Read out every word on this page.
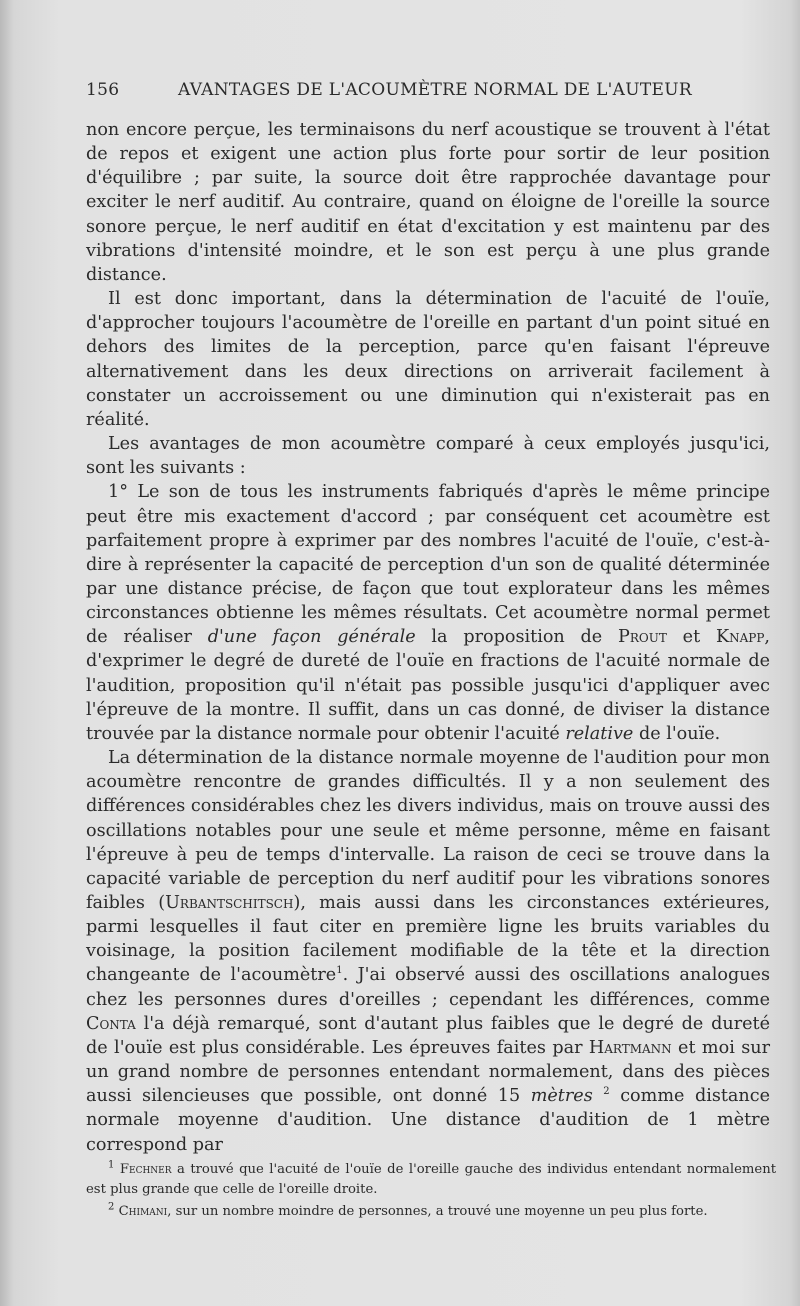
156	AVANTAGES DE L'ACOUMÈTRE NORMAL DE L'AUTEUR

non encore perçue, les terminaisons du nerf acoustique se trouvent à l'état de repos et exigent une action plus forte pour sortir de leur position d'équilibre ; par suite, la source doit être rapprochée davantage pour exciter le nerf auditif. Au contraire, quand on éloigne de l'oreille la source sonore perçue, le nerf auditif en état d'excitation y est maintenu par des vibrations d'intensité moindre, et le son est perçu à une plus grande distance.

Il est donc important, dans la détermination de l'acuité de l'ouïe, d'approcher toujours l'acoumètre de l'oreille en partant d'un point situé en dehors des limites de la perception, parce qu'en faisant l'épreuve alternativement dans les deux directions on arriverait facilement à constater un accroissement ou une diminution qui n'existerait pas en réalité.

Les avantages de mon acoumètre comparé à ceux employés jusqu'ici, sont les suivants :

1° Le son de tous les instruments fabriqués d'après le même principe peut être mis exactement d'accord ; par conséquent cet acoumètre est parfaitement propre à exprimer par des nombres l'acuité de l'ouïe, c'est-à-dire à représenter la capacité de perception d'un son de qualité déterminée par une distance précise, de façon que tout explorateur dans les mêmes circonstances obtienne les mêmes résultats. Cet acoumètre normal permet de réaliser d'une façon générale la proposition de Prout et Knapp, d'exprimer le degré de dureté de l'ouïe en fractions de l'acuité normale de l'audition, proposition qu'il n'était pas possible jusqu'ici d'appliquer avec l'épreuve de la montre. Il suffit, dans un cas donné, de diviser la distance trouvée par la distance normale pour obtenir l'acuité relative de l'ouïe.

La détermination de la distance normale moyenne de l'audition pour mon acoumètre rencontre de grandes difficultés. Il y a non seulement des différences considérables chez les divers individus, mais on trouve aussi des oscillations notables pour une seule et même personne, même en faisant l'épreuve à peu de temps d'intervalle. La raison de ceci se trouve dans la capacité variable de perception du nerf auditif pour les vibrations sonores faibles (Urbantschitsch), mais aussi dans les circonstances extérieures, parmi lesquelles il faut citer en première ligne les bruits variables du voisinage, la position facilement modifiable de la tête et la direction changeante de l'acoumètre$^1$. J'ai observé aussi des oscillations analogues chez les personnes dures d'oreilles ; cependant les différences, comme Conta l'a déjà remarqué, sont d'autant plus faibles que le degré de dureté de l'ouïe est plus considérable. Les épreuves faites par Hartmann et moi sur un grand nombre de personnes entendant normalement, dans des pièces aussi silencieuses que possible, ont donné 15 mètres $^2$ comme distance normale moyenne d'audition. Une distance d'audition de 1 mètre correspond par

$^1$ Fechner a trouvé que l'acuité de l'ouïe de l'oreille gauche des individus entendant normalement est plus grande que celle de l'oreille droite.

$^2$ Chimani, sur un nombre moindre de personnes, a trouvé une moyenne un peu plus forte.
